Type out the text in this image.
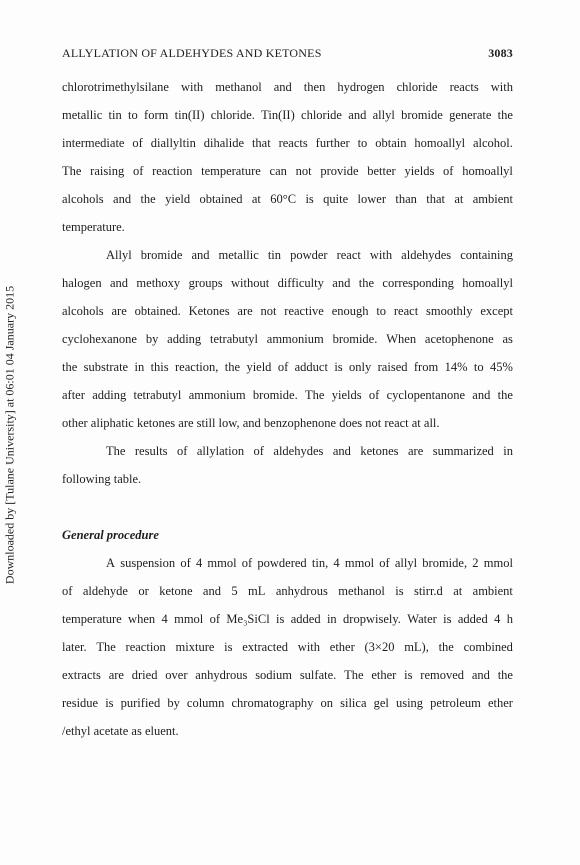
ALLYLATION OF ALDEHYDES AND KETONES	3083
Downloaded by [Tulane University] at 06:01 04 January 2015
chlorotrimethylsilane with methanol and then hydrogen chloride reacts with
metallic tin to form tin(II) chloride. Tin(II) chloride and allyl bromide generate the
intermediate of diallyltin dihalide that reacts further to obtain homoallyl alcohol.
The raising of reaction temperature can not provide better yields of homoallyl
alcohols and the yield obtained at 60°C is quite lower than that at ambient
temperature.
Allyl bromide and metallic tin powder react with aldehydes containing
halogen and methoxy groups without difficulty and the corresponding homoallyl
alcohols are obtained. Ketones are not reactive enough to react smoothly except
cyclohexanone by adding tetrabutyl ammonium bromide. When acetophenone as
the substrate in this reaction, the yield of adduct is only raised from 14% to 45%
after adding tetrabutyl ammonium bromide. The yields of cyclopentanone and the
other aliphatic ketones are still low, and benzophenone does not react at all.
The results of allylation of aldehydes and ketones are summarized in
following table.
General procedure
A suspension of 4 mmol of powdered tin, 4 mmol of allyl bromide, 2 mmol
of aldehyde or ketone and 5 mL anhydrous methanol is stirr.d at ambient
temperature when 4 mmol of Me₃SiCl is added in dropwisely. Water is added 4 h
later. The reaction mixture is extracted with ether (3×20 mL), the combined
extracts are dried over anhydrous sodium sulfate. The ether is removed and the
residue is purified by column chromatography on silica gel using petroleum ether
/ethyl acetate as eluent.
